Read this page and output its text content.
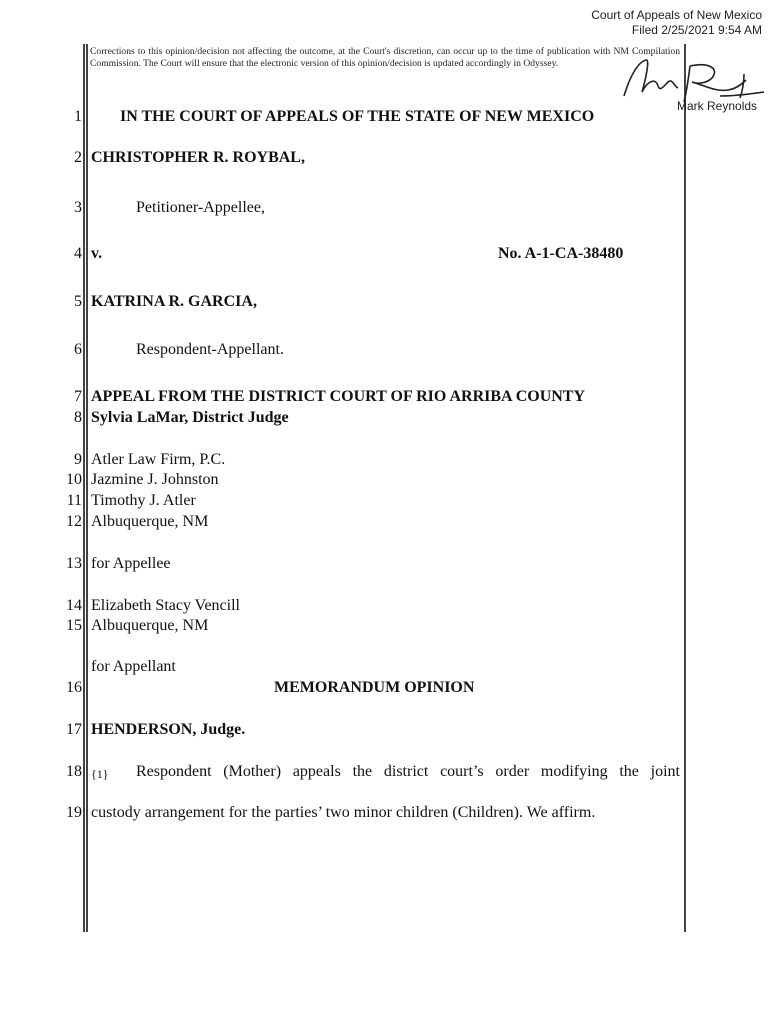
Court of Appeals of New Mexico
Filed 2/25/2021 9:54 AM
Corrections to this opinion/decision not affecting the outcome, at the Court's discretion, can occur up to the time of publication with NM Compilation Commission. The Court will ensure that the electronic version of this opinion/decision is updated accordingly in Odyssey.
Mark Reynolds
1 IN THE COURT OF APPEALS OF THE STATE OF NEW MEXICO
2 CHRISTOPHER R. ROYBAL,
3	Petitioner-Appellee,
4 v.	No. A-1-CA-38480
5 KATRINA R. GARCIA,
6	Respondent-Appellant.
7 APPEAL FROM THE DISTRICT COURT OF RIO ARRIBA COUNTY
8 Sylvia LaMar, District Judge
9 Atler Law Firm, P.C.
10 Jazmine J. Johnston
11 Timothy J. Atler
12 Albuquerque, NM
13 for Appellee
14 Elizabeth Stacy Vencill
15 Albuquerque, NM
for Appellant
16	MEMORANDUM OPINION
17 HENDERSON, Judge.
18 {1} Respondent (Mother) appeals the district court’s order modifying the joint
19 custody arrangement for the parties’ two minor children (Children). We affirm.
